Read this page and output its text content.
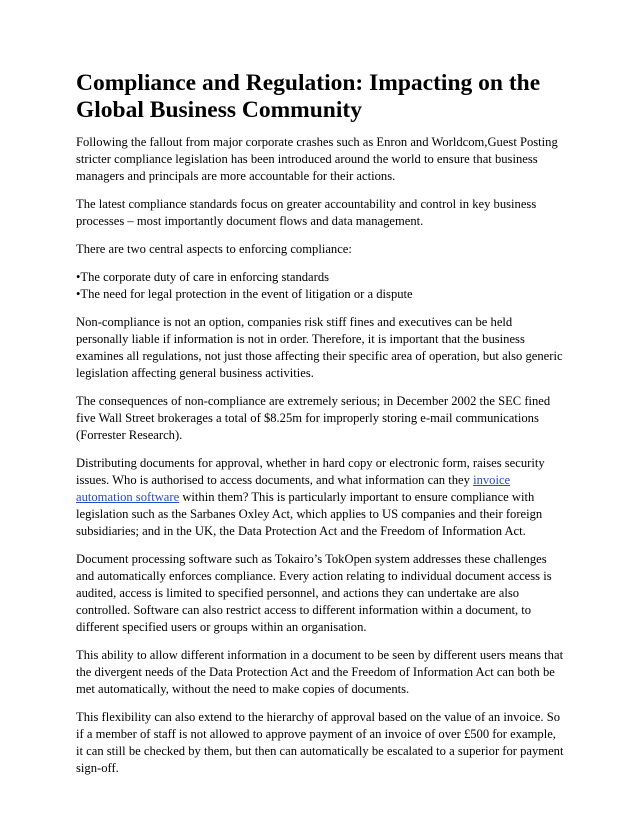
Compliance and Regulation: Impacting on the Global Business Community

Following the fallout from major corporate crashes such as Enron and Worldcom,Guest Posting stricter compliance legislation has been introduced around the world to ensure that business managers and principals are more accountable for their actions.

The latest compliance standards focus on greater accountability and control in key business processes – most importantly document flows and data management.

There are two central aspects to enforcing compliance:

•The corporate duty of care in enforcing standards
•The need for legal protection in the event of litigation or a dispute

Non-compliance is not an option, companies risk stiff fines and executives can be held personally liable if information is not in order. Therefore, it is important that the business examines all regulations, not just those affecting their specific area of operation, but also generic legislation affecting general business activities.

The consequences of non-compliance are extremely serious; in December 2002 the SEC fined five Wall Street brokerages a total of $8.25m for improperly storing e-mail communications (Forrester Research).

Distributing documents for approval, whether in hard copy or electronic form, raises security issues. Who is authorised to access documents, and what information can they invoice automation software within them? This is particularly important to ensure compliance with legislation such as the Sarbanes Oxley Act, which applies to US companies and their foreign subsidiaries; and in the UK, the Data Protection Act and the Freedom of Information Act.

Document processing software such as Tokairo’s TokOpen system addresses these challenges and automatically enforces compliance. Every action relating to individual document access is audited, access is limited to specified personnel, and actions they can undertake are also controlled. Software can also restrict access to different information within a document, to different specified users or groups within an organisation.

This ability to allow different information in a document to be seen by different users means that the divergent needs of the Data Protection Act and the Freedom of Information Act can both be met automatically, without the need to make copies of documents.

This flexibility can also extend to the hierarchy of approval based on the value of an invoice. So if a member of staff is not allowed to approve payment of an invoice of over £500 for example, it can still be checked by them, but then can automatically be escalated to a superior for payment sign-off.
